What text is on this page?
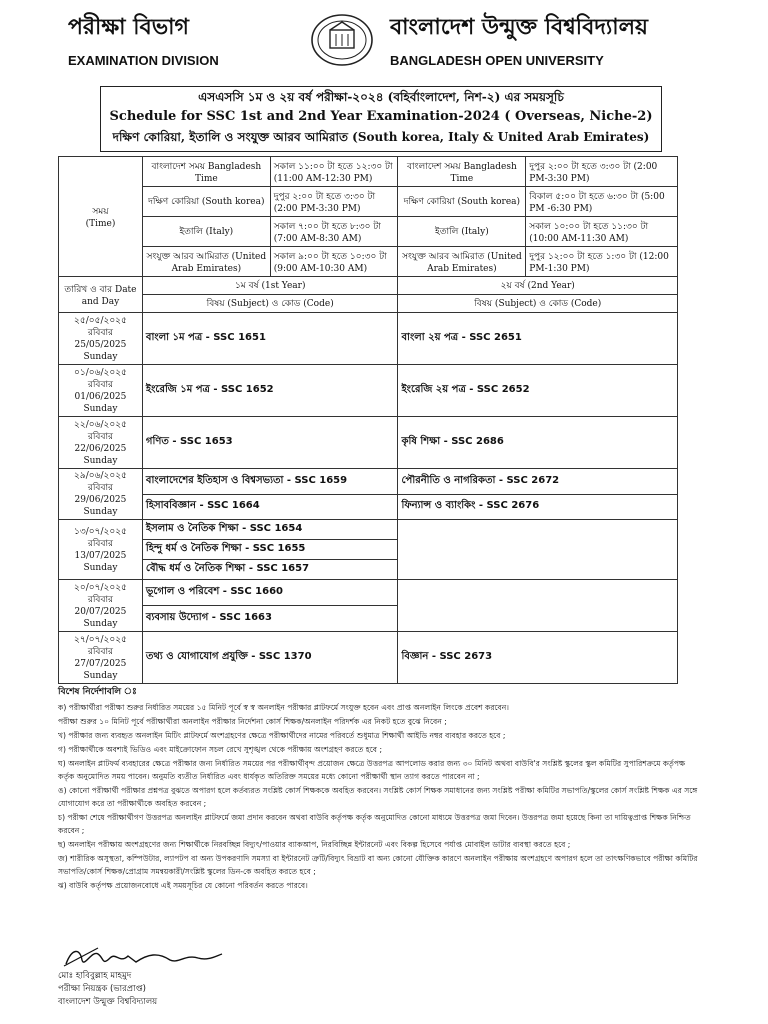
পরীক্ষা বিভাগ
EXAMINATION DIVISION
বাংলাদেশ উন্মুক্ত বিশ্ববিদ্যালয়
BANGLADESH OPEN UNIVERSITY
এসএসসি ১ম ও ২য় বর্ষ পরীক্ষা-২০২৪ (বহির্বাংলাদেশ, নিশ-২) এর সময়সূচি
Schedule for SSC 1st and 2nd Year Examination-2024 ( Overseas, Niche-2)
দক্ষিণ কোরিয়া, ইতালি ও সংযুক্ত আরব আমিরাত (South korea, Italy & United Arab Emirates)
সময়
(Time)	বাংলাদেশ সময় Bangladesh Time	সকাল ১১:০০ টা হতে ১২:৩০ টা (11:00 AM-12:30 PM)	বাংলাদেশ সময় Bangladesh Time	দুপুর ২:০০ টা হতে ৩:৩০ টা (2:00 PM-3:30 PM)
	দক্ষিণ কোরিয়া (South korea)	দুপুর ২:০০ টা হতে ৩:৩০ টা (2:00 PM-3:30 PM)	দক্ষিণ কোরিয়া (South korea)	বিকাল ৫:০০ টা হতে ৬:৩০ টা (5:00 PM -6:30 PM)
	ইতালি (Italy)	সকাল ৭:০০ টা হতে ৮:৩০ টা (7:00 AM-8:30 AM)	ইতালি (Italy)	সকাল ১০:০০ টা হতে ১১:৩০ টা (10:00 AM-11:30 AM)
	সংযুক্ত আরব আমিরাত (United Arab Emirates)	সকাল ৯:০০ টা হতে ১০:৩০ টা (9:00 AM-10:30 AM)	সংযুক্ত আরব আমিরাত (United Arab Emirates)	দুপুর ১২:০০ টা হতে ১:৩০ টা (12:00 PM-1:30 PM)
তারিখ ও বার Date and Day	১ম বর্ষ (1st Year)		২য় বর্ষ (2nd Year)	
	বিষয় (Subject) ও কোড (Code)		বিষয় (Subject) ও কোড (Code)	
২৫/০৫/২০২৫ রবিবার 25/05/2025 Sunday	বাংলা ১ম পত্র - SSC 1651		বাংলা ২য় পত্র - SSC 2651	
০১/০৬/২০২৫ রবিবার 01/06/2025 Sunday	ইংরেজি ১ম পত্র - SSC 1652		ইংরেজি ২য় পত্র - SSC 2652	
২২/০৬/২০২৫ রবিবার 22/06/2025 Sunday	গণিত - SSC 1653		কৃষি শিক্ষা - SSC 2686	
২৯/০৬/২০২৫ রবিবার 29/06/2025 Sunday	বাংলাদেশের ইতিহাস ও বিশ্বসভ্যতা - SSC 1659		পৌরনীতি ও নাগরিকতা - SSC 2672	
	হিসাববিজ্ঞান - SSC 1664		ফিন্যান্স ও ব্যাংকিং - SSC 2676	
১৩/০৭/২০২৫ রবিবার 13/07/2025 Sunday	ইসলাম ও নৈতিক শিক্ষা - SSC 1654			
	হিন্দু ধর্ম ও নৈতিক শিক্ষা - SSC 1655			
	বৌদ্ধ ধর্ম ও নৈতিক শিক্ষা - SSC 1657			
২০/০৭/২০২৫ রবিবার 20/07/2025 Sunday	ভূগোল ও পরিবেশ - SSC 1660			
	ব্যবসায় উদ্যোগ - SSC 1663			
২৭/০৭/২০২৫ রবিবার 27/07/2025 Sunday	তথ্য ও যোগাযোগ প্রযুক্তি - SSC 1370		বিজ্ঞান - SSC 2673	
বিশেষ নির্দেশাবলি ঃ

ক) পরীক্ষার্থীরা পরীক্ষা শুরুর নির্ধারিত সময়ের ১৫ মিনিট পূর্বে স্ব স্ব অনলাইন পরীক্ষার প্লাটফর্মে সংযুক্ত হবেন এবং প্রাপ্ত অনলাইন লিংকে প্রবেশ করবেন।

পরীক্ষা শুরুর ১০ মিনিট পূর্বে পরীক্ষার্থীরা অনলাইন পরীক্ষার নির্দেশনা কোর্স শিক্ষক/অনলাইন পরিদর্শক এর নিকট হতে বুঝে নিবেন ;

খ) পরীক্ষার জন্য ব্যবহৃত অনলাইন মিটিং প্লাটফর্মে অংশগ্রহণের ক্ষেত্রে পরীক্ষার্থীদের নামের পরিবর্তে শুধুমাত্র শিক্ষার্থী আইডি নম্বর ব্যবহার করতে হবে ;

গ) পরীক্ষার্থীকে অবশ্যই ভিডিও এবং মাইক্রোফোন সচল রেখে সুশৃঙ্খল থেকে পরীক্ষায় অংশগ্রহণ করতে হবে ;

ঘ) অনলাইন প্লাটফর্ম ব্যবহারের ক্ষেত্রে পরীক্ষার জন্য নির্ধারিত সময়ের পর পরীক্ষার্থীবৃন্দ প্রয়োজন ক্ষেত্রে উত্তরপত্র আপলোড করার জন্য ৩০ মিনিট অথবা বাউবি'র সংশ্লিষ্ট স্কুলের স্কুল কমিটির সুপারিশক্রমে কর্তৃপক্ষ কর্তৃক অনুমোদিত সময় পাবেন। অনুমতি ব্যতীত নির্ধারিত এবং ধার্যকৃত অতিরিক্ত সময়ের মধ্যে কোনো পরীক্ষার্থী স্থান ত্যাগ করতে পারবেন না ;

ঙ) কোনো পরীক্ষার্থী পরীক্ষার প্রশ্নপত্র বুঝতে অপারগ হলে কর্তব্যরত সংশ্লিষ্ট কোর্স শিক্ষককে অবহিত করবেন। সংশ্লিষ্ট কোর্স শিক্ষক সমাধানের জন্য সংশ্লিষ্ট পরীক্ষা কমিটির সভাপতি/স্কুলের কোর্স সংশ্লিষ্ট শিক্ষক এর সঙ্গে যোগাযোগ করে তা পরীক্ষার্থীকে অবহিত করবেন ;

চ) পরীক্ষা শেষে পরীক্ষার্থীগণ উত্তরপত্র অনলাইন প্লাটফর্মে জমা প্রদান করবেন অথবা বাউবি কর্তৃপক্ষ কর্তৃক অনুমোদিত কোনো মাধ্যমে উত্তরপত্র জমা দিবেন। উত্তরপত্র জমা হয়েছে কিনা তা দায়িত্বপ্রাপ্ত শিক্ষক নিশ্চিত করবেন ;

ছ) অনলাইন পরীক্ষায় অংশগ্রহণের জন্য শিক্ষার্থীকে নিরবচ্ছিন্ন বিদ্যুৎ/পাওয়ার ব্যাকআপ, নিরবিচ্ছিন্ন ইন্টারনেট এবং বিকল্প হিসেবে পর্যাপ্ত মোবাইল ডাটার ব্যবস্থা করতে হবে ;

জ) শারীরিক অসুস্থতা, কম্পিউটার, ল্যাপটপ বা অন্য উপকরণাদি সমস্যা বা ইন্টারনেট ত্রুটি/বিদ্যুৎ বিভ্রাট বা অন্য কোনো যৌক্তিক কারণে অনলাইন পরীক্ষায় অংশগ্রহণে অপারগ হলে তা তাৎক্ষণিকভাবে পরীক্ষা কমিটির সভাপতি/কোর্স শিক্ষক/প্রোগ্রাম সমন্বয়কারী/সংশ্লিষ্ট স্কুলের ডিন-কে অবহিত করতে হবে ;

ঝ) বাউবি কর্তৃপক্ষ প্রয়োজনবোধে এই সময়সূচির যে কোনো পরিবর্তন করতে পারবে।

মোঃ হাবিবুল্লাহ মাহমুদ
পরীক্ষা নিয়ন্ত্রক (ভারপ্রাপ্ত)
বাংলাদেশ উন্মুক্ত বিশ্ববিদ্যালয়
